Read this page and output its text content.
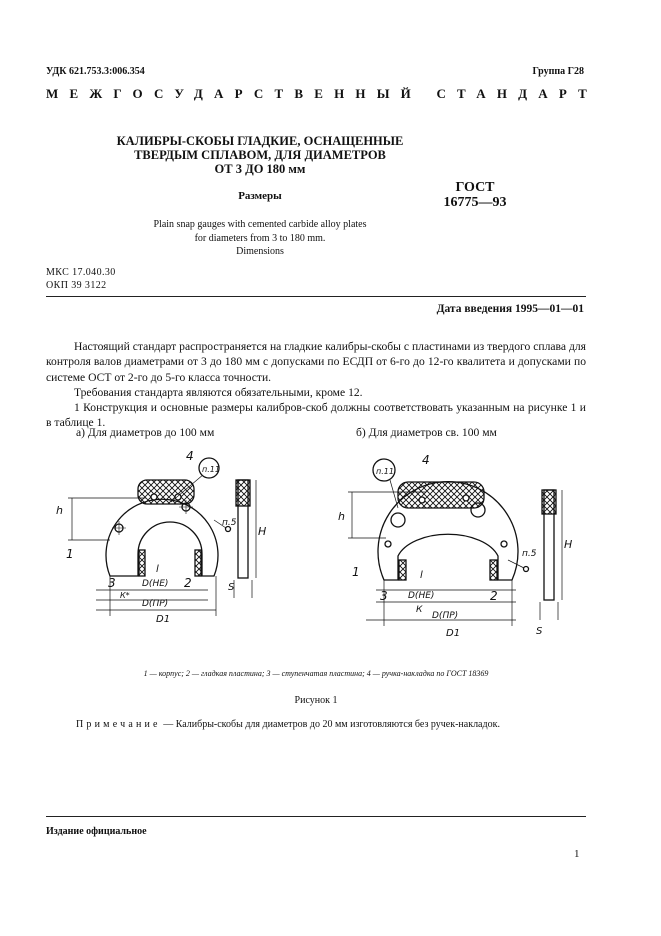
УДК 621.753.3:006.354	Группа Г28
МЕЖГОСУДАРСТВЕННЫЙ СТАНДАРТ
КАЛИБРЫ-СКОБЫ ГЛАДКИЕ, ОСНАЩЕННЫЕ
ТВЕРДЫМ СПЛАВОМ, ДЛЯ ДИАМЕТРОВ
ОТ 3 ДО 180 мм
Размеры
Plain snap gauges with cemented carbide alloy plates
for diameters from 3 to 180 mm.
Dimensions
ГОСТ
16775—93
МКС 17.040.30
ОКП 39 3122
Дата введения 1995—01—01
Настоящий стандарт распространяется на гладкие калибры-скобы с пластинами из твердого сплава для контроля валов диаметрами от 3 до 180 мм с допусками по ЕСДП от 6-го до 12-го квалитета и допусками по системе ОСТ от 2-го до 5-го класса точности.
Требования стандарта являются обязательными, кроме 12.
1 Конструкция и основные размеры калибров-скоб должны соответствовать указанным на рисунке 1 и в таблице 1.
а) Для диаметров до 100 мм	б) Для диаметров св. 100 мм
h
4
п.11
п.5
H
1
l
3	D(НЕ) 2
К*
D(ПР)
D1
S
h
4
п.11
п.5
H
1	l
3 D(НЕ)	2
К
D(ПР)
D1	S
1 — корпус; 2 — гладкая пластина; 3 — ступенчатая пластина; 4 — ручка-накладка по ГОСТ 18369
Рисунок 1
Примечание — Калибры-скобы для диаметров до 20 мм изготовляются без ручек-накладок.
Издание официальное
1
